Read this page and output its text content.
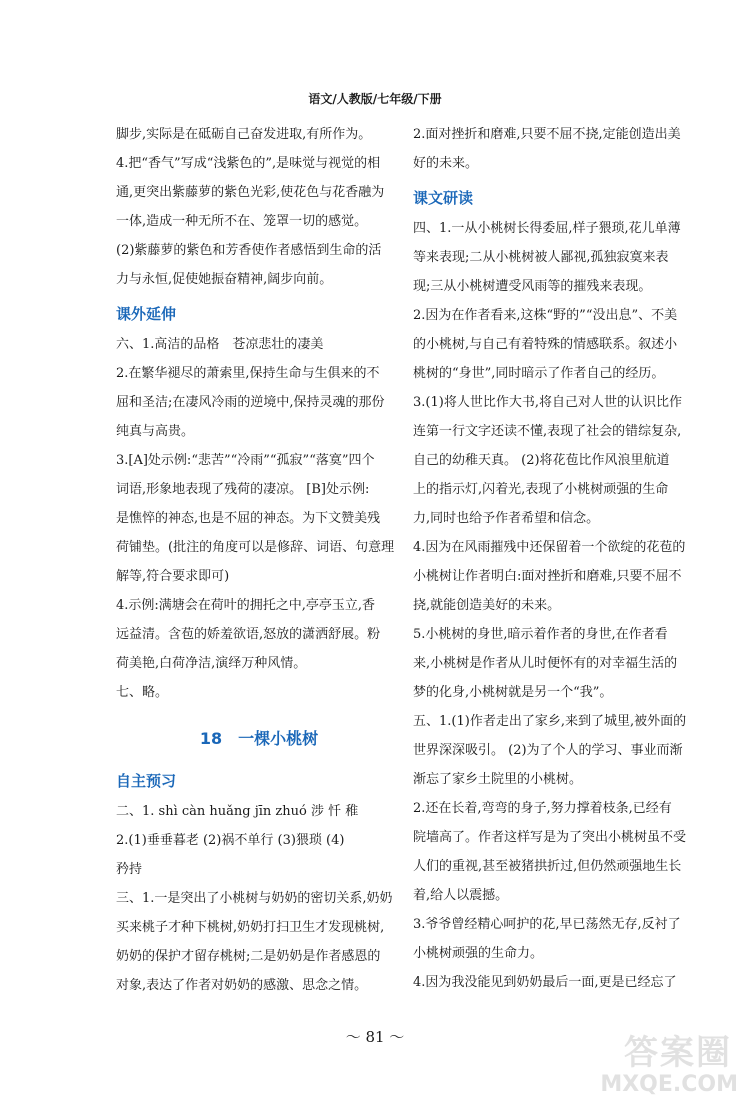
语文/人教版/七年级/下册
脚步,实际是在砥砺自己奋发进取,有所作为。
4.把“香气”写成“浅紫色的”,是味觉与视觉的相
通,更突出紫藤萝的紫色光彩,使花色与花香融为
一体,造成一种无所不在、笼罩一切的感觉。
(2)紫藤萝的紫色和芳香使作者感悟到生命的活
力与永恒,促使她振奋精神,阔步向前。
课外延伸
六、1.高洁的品格　苍凉悲壮的凄美
2.在繁华褪尽的萧索里,保持生命与生俱来的不
屈和圣洁;在凄风冷雨的逆境中,保持灵魂的那份
纯真与高贵。
3.[A]处示例:“悲苦”“冷雨”“孤寂”“落寞”四个
词语,形象地表现了残荷的凄凉。 [B]处示例:
是憔悴的神态,也是不屈的神态。为下文赞美残
荷铺垫。(批注的角度可以是修辞、词语、句意理
解等,符合要求即可)
4.示例:满塘会在荷叶的拥托之中,亭亭玉立,香
远益清。含苞的娇羞欲语,怒放的潇洒舒展。粉
荷美艳,白荷净洁,演绎万种风情。
七、略。
18　一棵小桃树
自主预习
二、1. shì càn huǎng jīn zhuó 涉 忏 稚
2.(1)垂垂暮老 (2)祸不单行 (3)猥琐 (4)
矜持
三、1.一是突出了小桃树与奶奶的密切关系,奶奶
买来桃子才种下桃树,奶奶打扫卫生才发现桃树,
奶奶的保护才留存桃树;二是奶奶是作者感恩的
对象,表达了作者对奶奶的感激、思念之情。
2.面对挫折和磨难,只要不屈不挠,定能创造出美
好的未来。
课文研读
四、1.一从小桃树长得委屈,样子猥琐,花儿单薄
等来表现;二从小桃树被人鄙视,孤独寂寞来表
现;三从小桃树遭受风雨等的摧残来表现。
2.因为在作者看来,这株“野的”“没出息”、不美
的小桃树,与自己有着特殊的情感联系。叙述小
桃树的“身世”,同时暗示了作者自己的经历。
3.(1)将人世比作大书,将自己对人世的认识比作
连第一行文字还读不懂,表现了社会的错综复杂,
自己的幼稚天真。 (2)将花苞比作风浪里航道
上的指示灯,闪着光,表现了小桃树顽强的生命
力,同时也给予作者希望和信念。
4.因为在风雨摧残中还保留着一个欲绽的花苞的
小桃树让作者明白:面对挫折和磨难,只要不屈不
挠,就能创造美好的未来。
5.小桃树的身世,暗示着作者的身世,在作者看
来,小桃树是作者从儿时便怀有的对幸福生活的
梦的化身,小桃树就是另一个“我”。
五、1.(1)作者走出了家乡,来到了城里,被外面的
世界深深吸引。 (2)为了个人的学习、事业而渐
渐忘了家乡土院里的小桃树。
2.还在长着,弯弯的身子,努力撑着枝条,已经有
院墙高了。作者这样写是为了突出小桃树虽不受
人们的重视,甚至被猪拱折过,但仍然顽强地生长
着,给人以震撼。
3.爷爷曾经精心呵护的花,早已荡然无存,反衬了
小桃树顽强的生命力。
4.因为我没能见到奶奶最后一面,更是已经忘了
～ 81 ～	答案圈
MXQE.COM
